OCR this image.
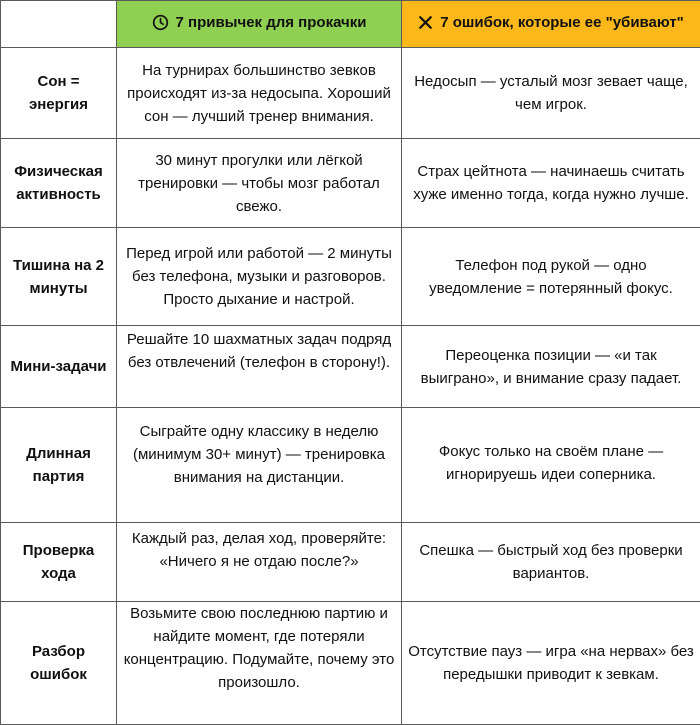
	7 привычек для прокачки	7 ошибок, которые ее "убивают"

Сон = энергия	На турнирах большинство зевков происходят из-за недосыпа. Хороший сон — лучший тренер внимания.	Недосып — усталый мозг зевает чаще, чем игрок.
Физическая активность	30 минут прогулки или лёгкой тренировки — чтобы мозг работал свежо.	Страх цейтнота — начинаешь считать хуже именно тогда, когда нужно лучше.
Тишина на 2 минуты	Перед игрой или работой — 2 минуты без телефона, музыки и разговоров. Просто дыхание и настрой.	Телефон под рукой — одно уведомление = потерянный фокус.
Мини-задачи	Решайте 10 шахматных задач подряд без отвлечений (телефон в сторону!).	Переоценка позиции — «и так выиграно», и внимание сразу падает.
Длинная партия	Сыграйте одну классику в неделю (минимум 30+ минут) — тренировка внимания на дистанции.	Фокус только на своём плане — игнорируешь идеи соперника.
Проверка хода	Каждый раз, делая ход, проверяйте: «Ничего я не отдаю после?»	Спешка — быстрый ход без проверки вариантов.
Разбор ошибок	Возьмите свою последнюю партию и найдите момент, где потеряли концентрацию. Подумайте, почему это произошло.	Отсутствие пауз — игра «на нервах» без передышки приводит к зевкам.
